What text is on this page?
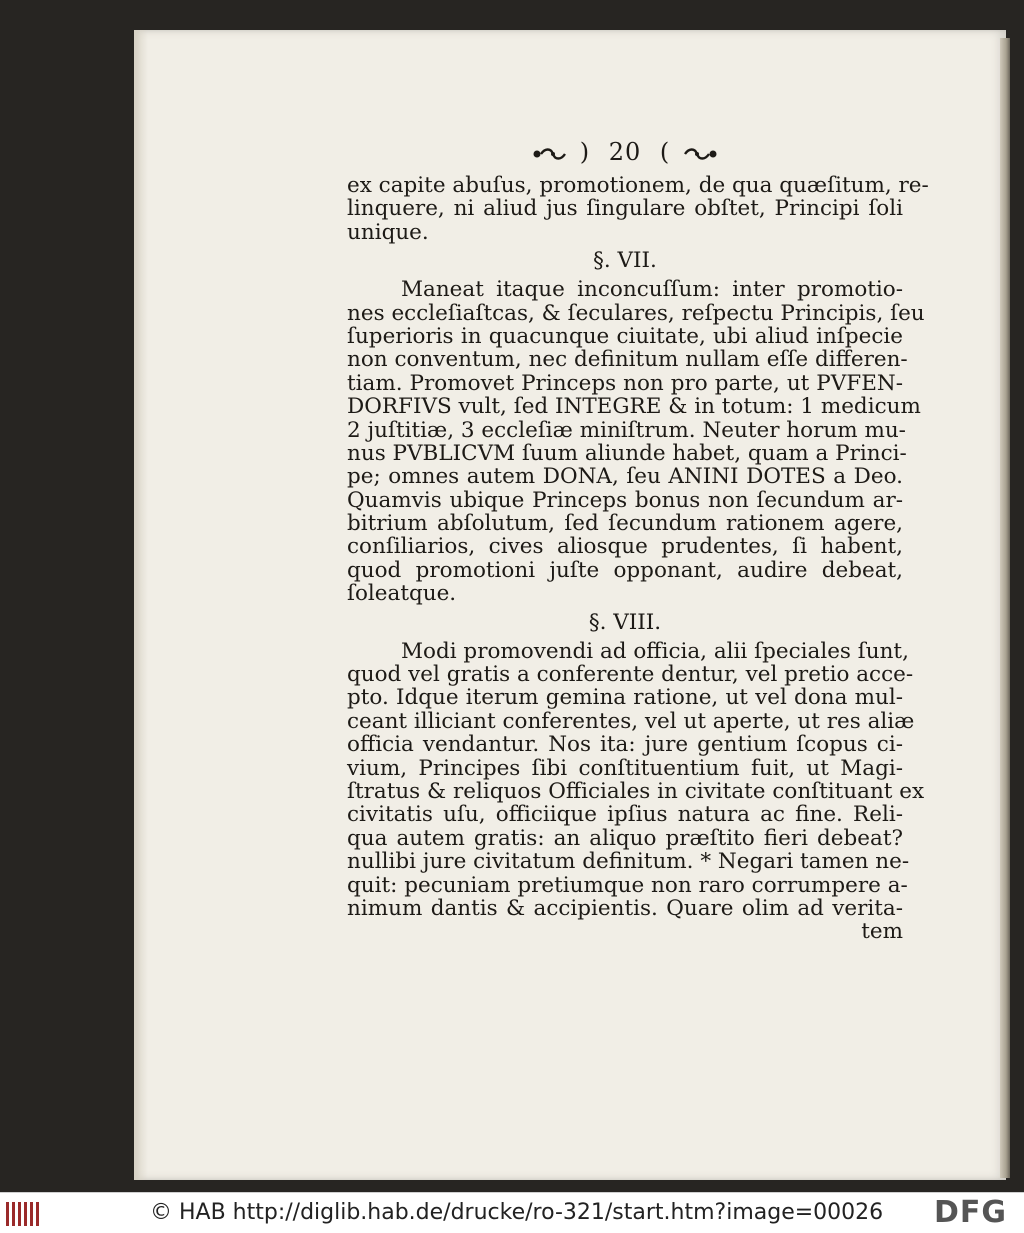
) 20 (
ex capite abuſus, promotionem, de qua quæſitum, re-
linquere, ni aliud jus ſingulare obſtet, Principi ſoli
unique.
§. VII.
Maneat itaque inconcuſſum: inter promotio-
nes eccleſiaſtcas, & ſeculares, reſpectu Principis, ſeu
ſuperioris in quacunque ciuitate, ubi aliud inſpecie
non conventum, nec definitum nullam eſſe differen-
tiam. Promovet Princeps non pro parte, ut PVFEN-
DORFIVS vult, ſed INTEGRE & in totum: 1 medicum
2 juſtitiæ, 3 eccleſiæ miniſtrum. Neuter horum mu-
nus PVBLICVM ſuum aliunde habet, quam a Princi-
pe; omnes autem DONA, ſeu ANINI DOTES a Deo.
Quamvis ubique Princeps bonus non ſecundum ar-
bitrium abſolutum, ſed ſecundum rationem agere,
conſiliarios, cives aliosque prudentes, ſi habent,
quod promotioni juſte opponant, audire debeat,
ſoleatque.
§. VIII.
Modi promovendi ad officia, alii ſpeciales ſunt,
quod vel gratis a conferente dentur, vel pretio acce-
pto. Idque iterum gemina ratione, ut vel dona mul-
ceant illiciant conferentes, vel ut aperte, ut res aliæ
officia vendantur. Nos ita: jure gentium ſcopus ci-
vium, Principes ſibi conſtituentium fuit, ut Magi-
ſtratus & reliquos Officiales in civitate conſtituant ex
civitatis uſu, officiique ipſius natura ac fine. Reli-
qua autem gratis: an aliquo præſtito fieri debeat?
nullibi jure civitatum definitum. * Negari tamen ne-
quit: pecuniam pretiumque non raro corrumpere a-
nimum dantis & accipientis. Quare olim ad verita-
tem
© HAB http://diglib.hab.de/drucke/ro-321/start.htm?image=00026 DFG
